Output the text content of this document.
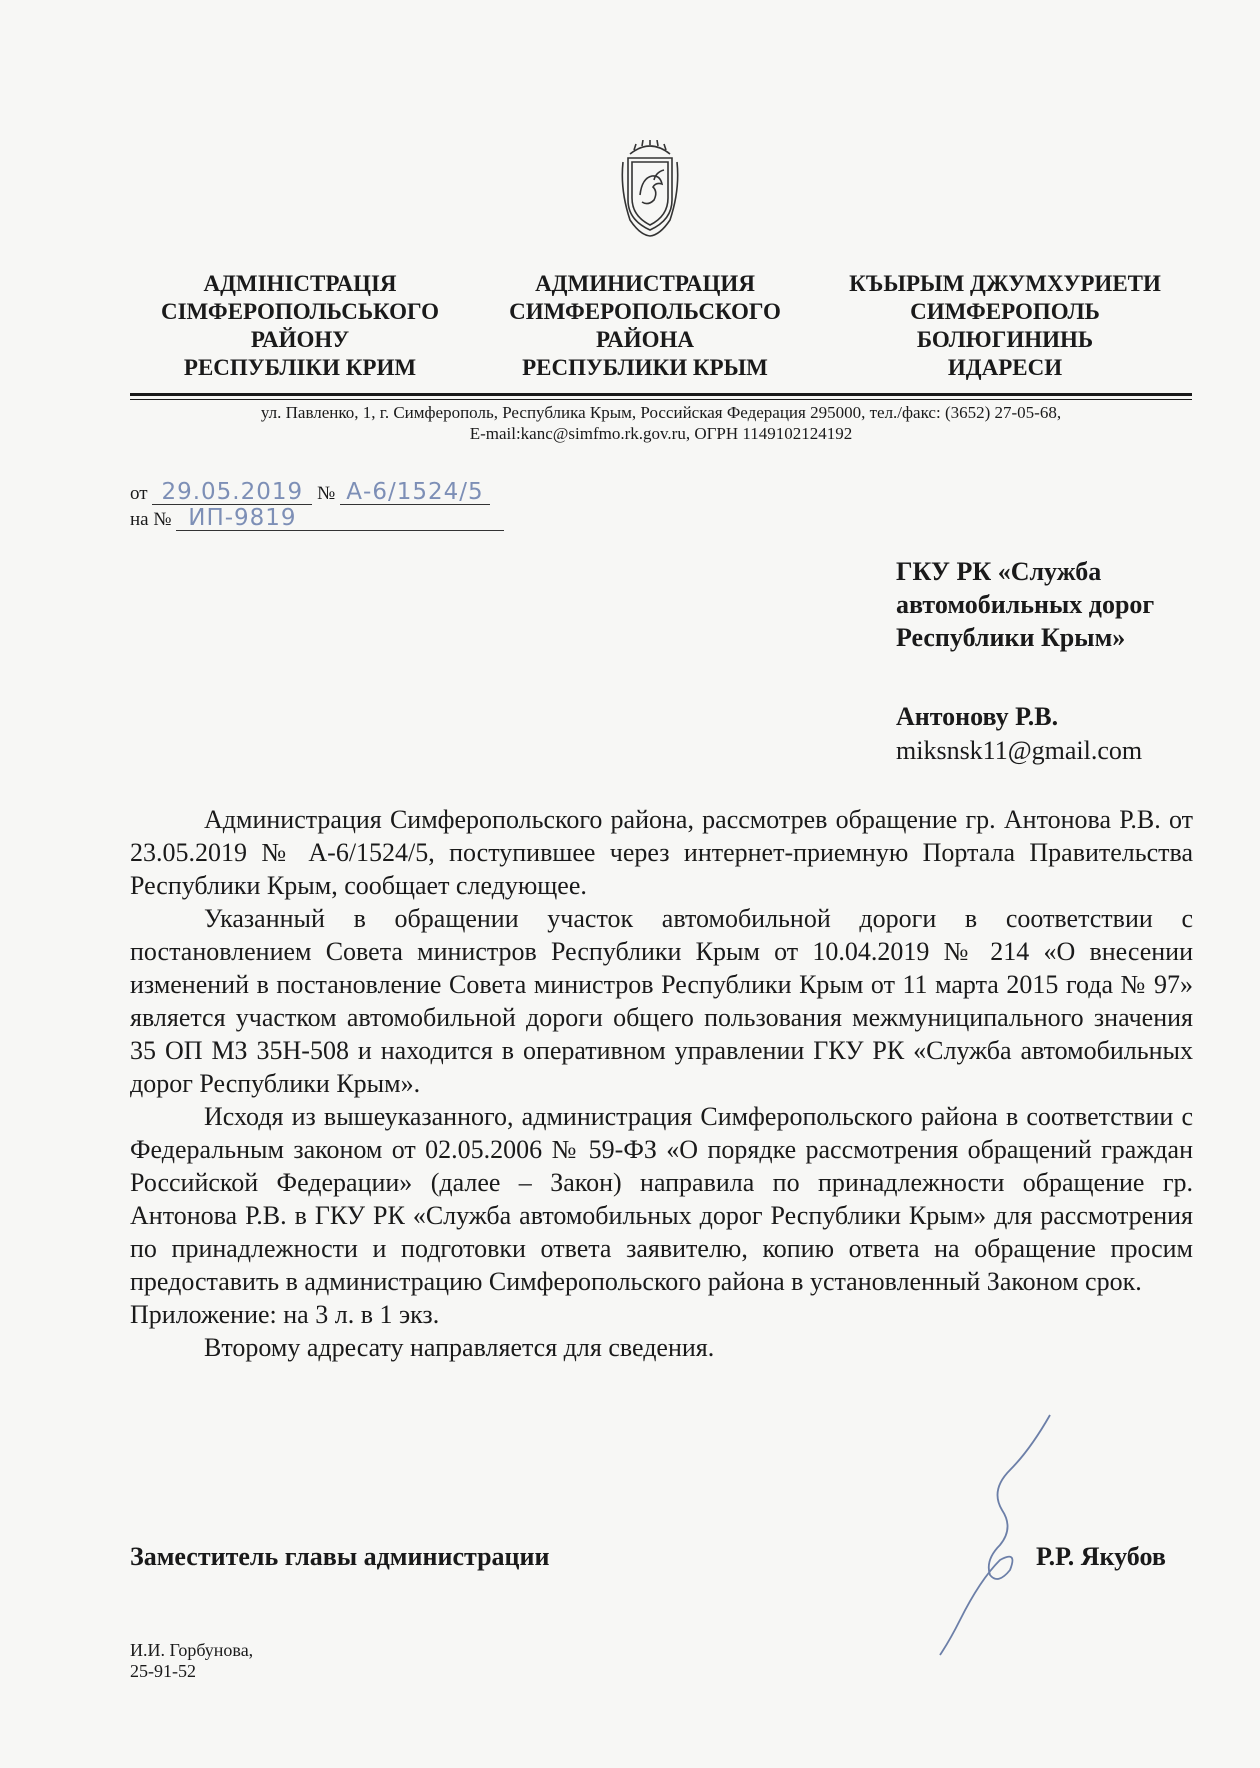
АДМІНІСТРАЦІЯ
СІМФЕРОПОЛЬСЬКОГО
РАЙОНУ
РЕСПУБЛІКИ КРИМ
АДМИНИСТРАЦИЯ
СИМФЕРОПОЛЬСКОГО
РАЙОНА
РЕСПУБЛИКИ КРЫМ
КЪЫРЫМ ДЖУМХУРИЕТИ
СИМФЕРОПОЛЬ
БОЛЮГИНИНЬ
ИДАРЕСИ
ул. Павленко, 1, г. Симферополь, Республика Крым, Российская Федерация 295000, тел./факс: (3652) 27-05-68,
E-mail:kanc@simfmo.rk.gov.ru, ОГРН 1149102124192
от 29.05.2019 № А-6/1524/5
на № ИП-9819
ГКУ РК «Служба
автомобильных дорог
Республики Крым»
Антонову Р.В.
miksnsk11@gmail.com

Администрация Симферопольского района, рассмотрев обращение гр. Антонова Р.В. от 23.05.2019 № А-6/1524/5, поступившее через интернет-приемную Портала Правительства Республики Крым, сообщает следующее.

Указанный в обращении участок автомобильной дороги в соответствии с постановлением Совета министров Республики Крым от 10.04.2019 № 214 «О внесении изменений в постановление Совета министров Республики Крым от 11 марта 2015 года № 97» является участком автомобильной дороги общего пользования межмуниципального значения 35 ОП МЗ 35Н-508 и находится в оперативном управлении ГКУ РК «Служба автомобильных дорог Республики Крым».

Исходя из вышеуказанного, администрация Симферопольского района в соответствии с Федеральным законом от 02.05.2006 № 59-ФЗ «О порядке рассмотрения обращений граждан Российской Федерации» (далее – Закон) направила по принадлежности обращение гр. Антонова Р.В. в ГКУ РК «Служба автомобильных дорог Республики Крым» для рассмотрения по принадлежности и подготовки ответа заявителю, копию ответа на обращение просим предоставить в администрацию Симферопольского района в установленный Законом срок.

Приложение: на 3 л. в 1 экз.

Второму адресату направляется для сведения.

Заместитель главы администрации	Р.Р. Якубов
И.И. Горбунова,
25-91-52
